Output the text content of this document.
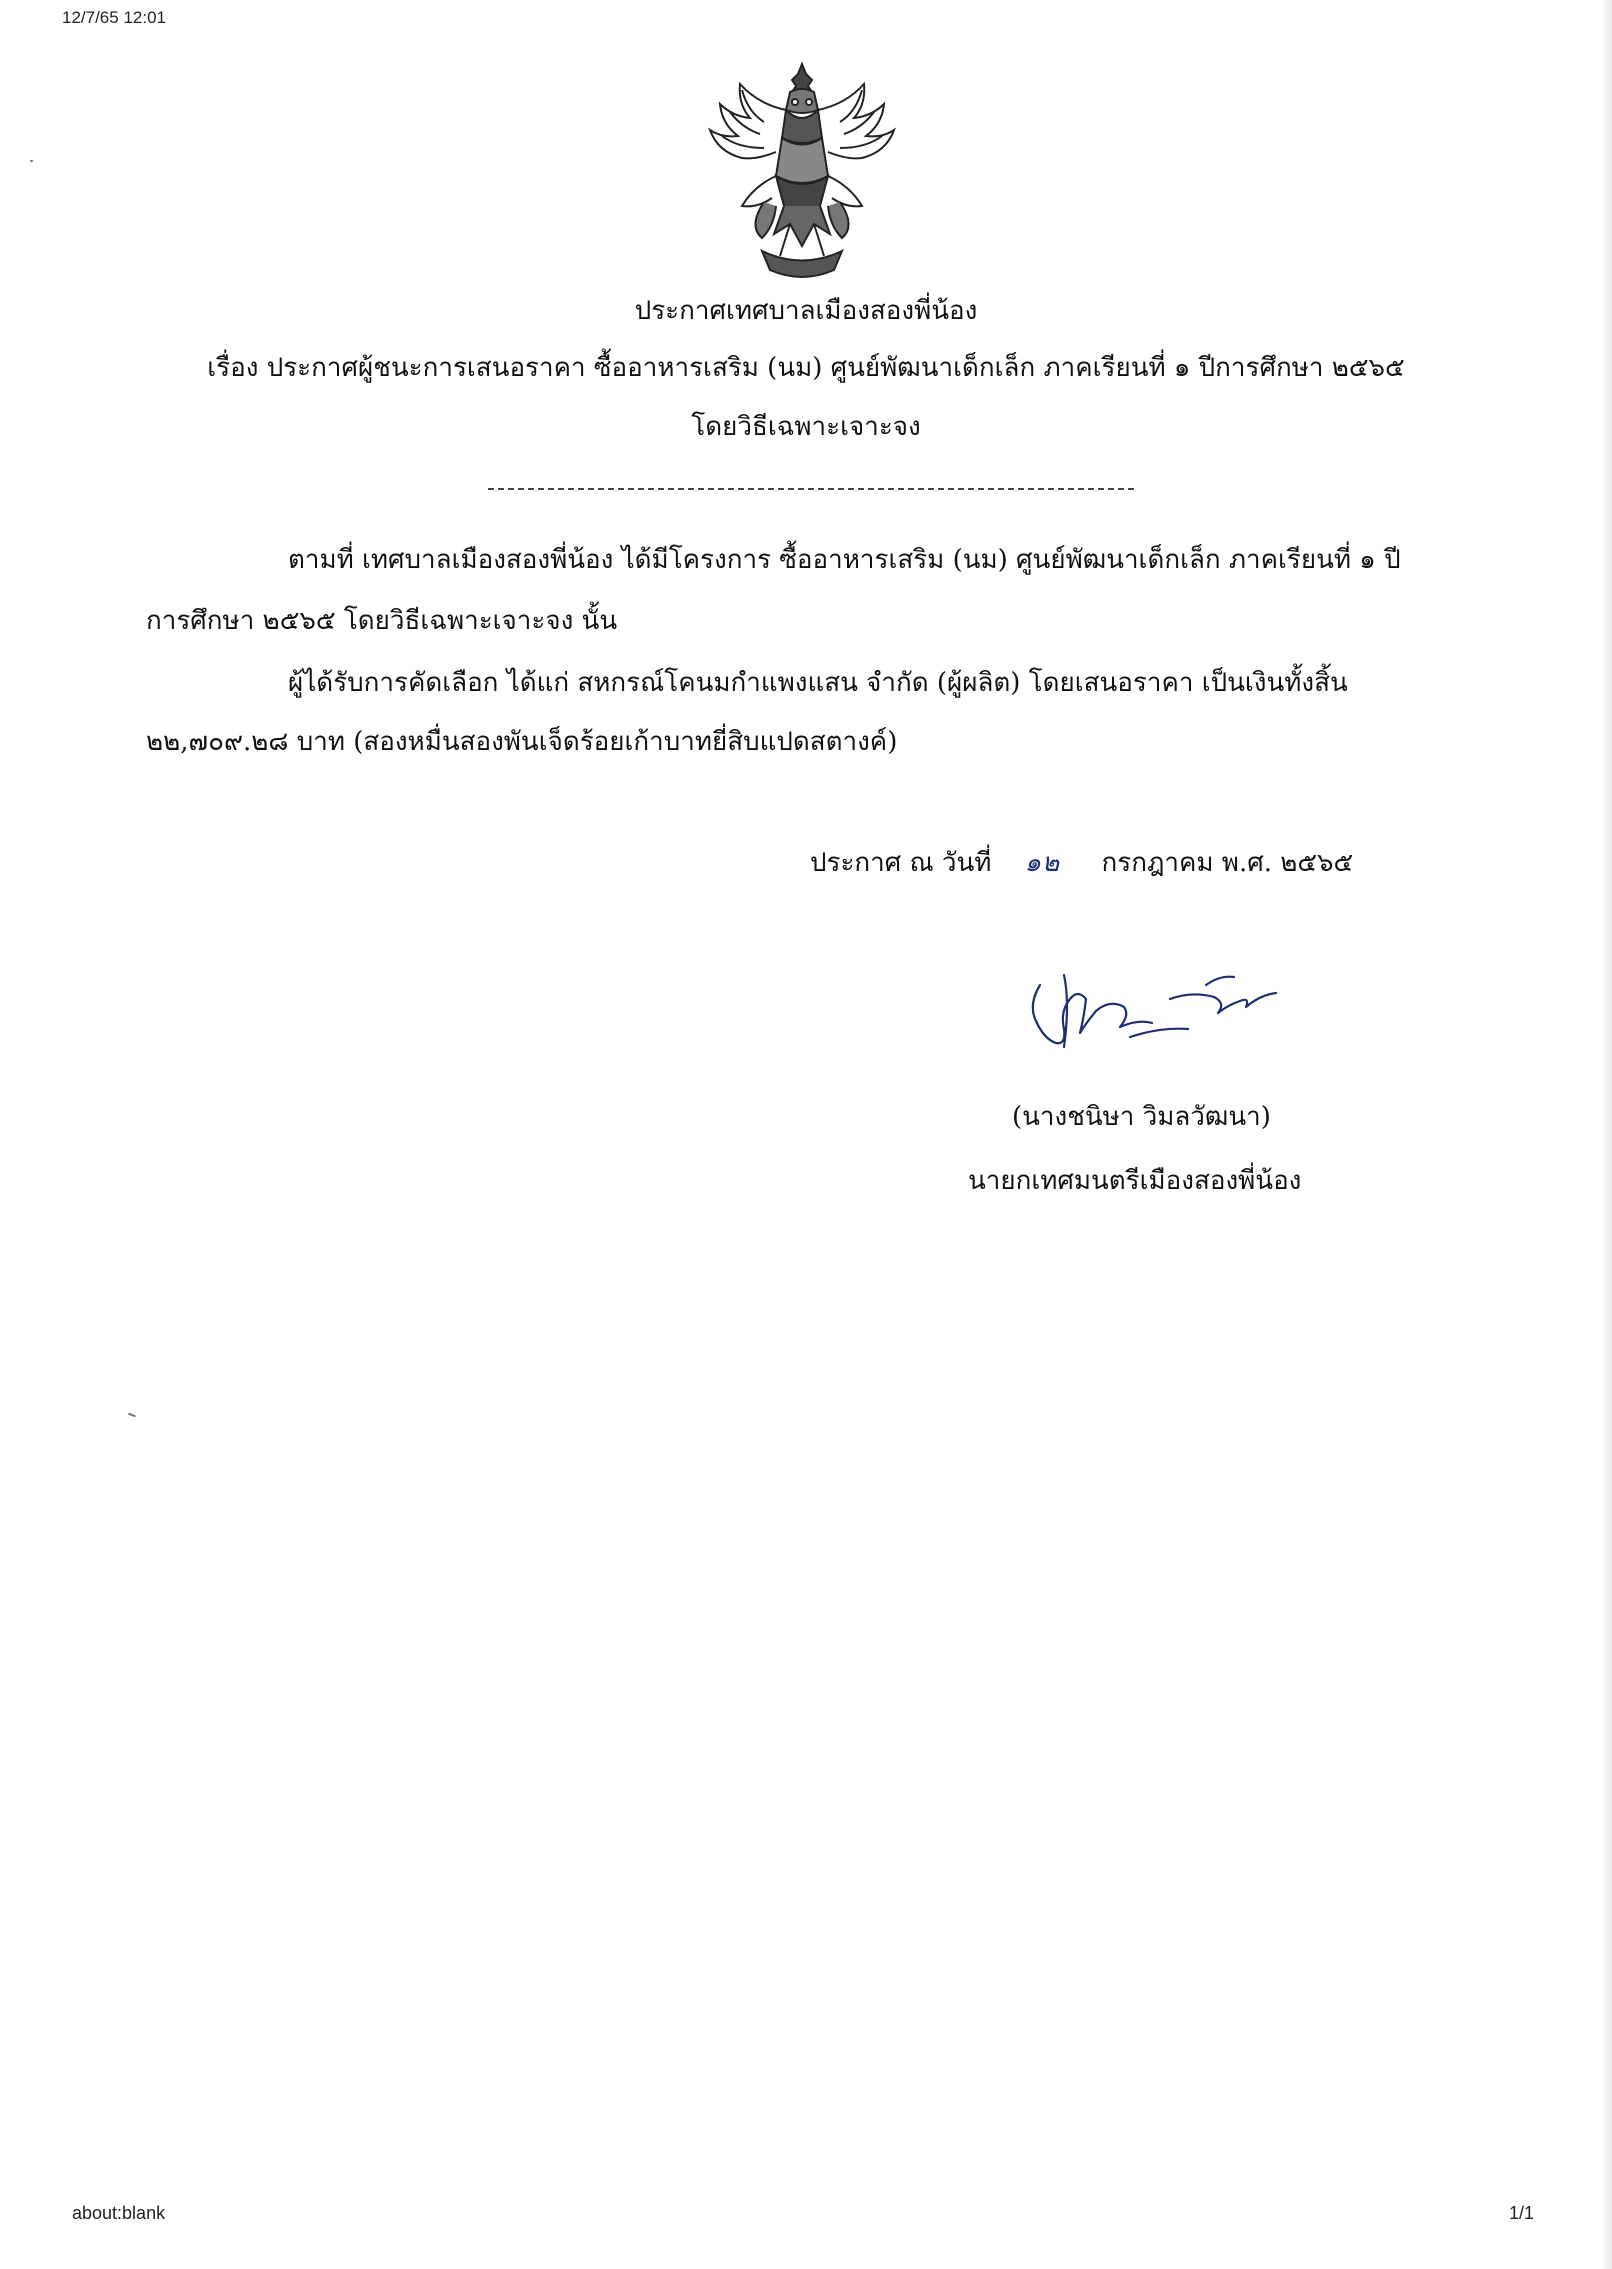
12/7/65 12:01
ประกาศเทศบาลเมืองสองพี่น้อง
เรื่อง ประกาศผู้ชนะการเสนอราคา ซื้ออาหารเสริม (นม) ศูนย์พัฒนาเด็กเล็ก ภาคเรียนที่ ๑ ปีการศึกษา ๒๕๖๕
โดยวิธีเฉพาะเจาะจง
ตามที่ เทศบาลเมืองสองพี่น้อง ได้มีโครงการ ซื้ออาหารเสริม (นม) ศูนย์พัฒนาเด็กเล็ก ภาคเรียนที่ ๑ ปี
การศึกษา ๒๕๖๕ โดยวิธีเฉพาะเจาะจง นั้น
ผู้ได้รับการคัดเลือก ได้แก่ สหกรณ์โคนมกำแพงแสน จำกัด (ผู้ผลิต) โดยเสนอราคา เป็นเงินทั้งสิ้น
๒๒,๗๐๙.๒๘ บาท (สองหมื่นสองพันเจ็ดร้อยเก้าบาทยี่สิบแปดสตางค์)
ประกาศ ณ วันที่ ๑๒ กรกฎาคม พ.ศ. ๒๕๖๕
(นางชนิษา วิมลวัฒนา)
นายกเทศมนตรีเมืองสองพี่น้อง
about:blank	1/1
